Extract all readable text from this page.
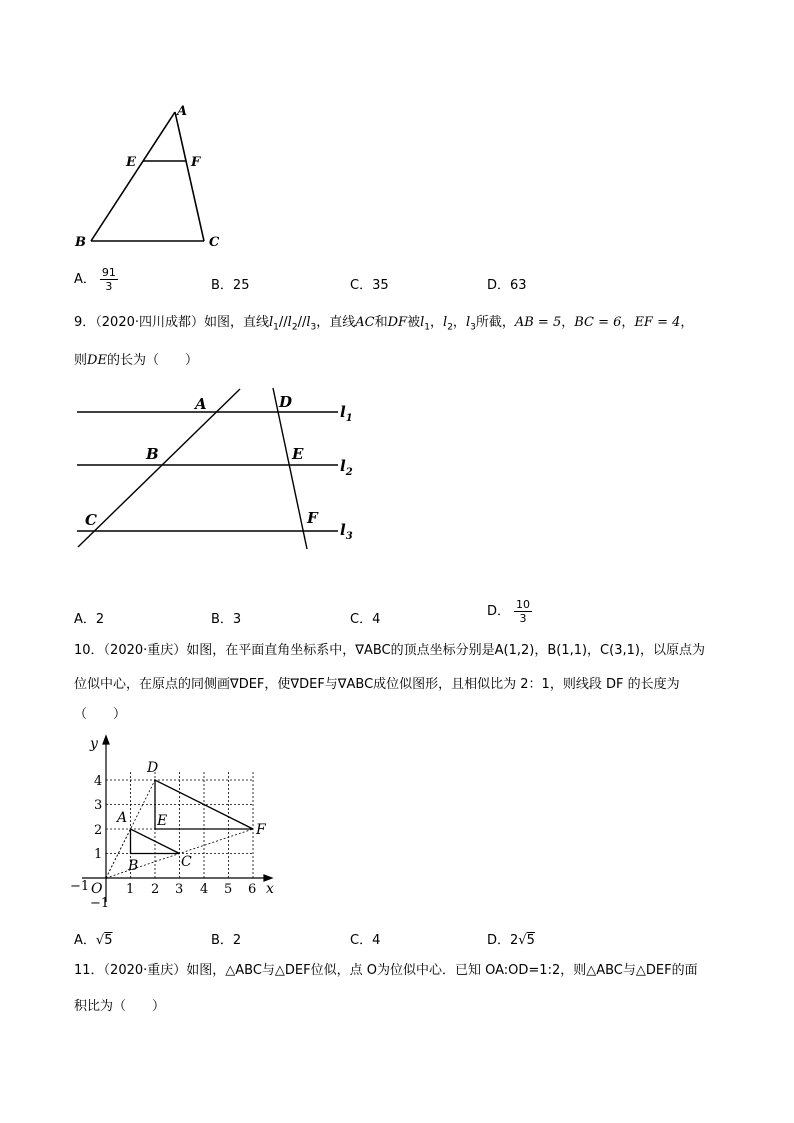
A
E	F
B	C
A． $\frac{91}{3}$	B．25	C．35	D．63
9．（2020·四川成都）如图，直线$l_1//l_2//l_3$，直线AC和DF被$l_1$，$l_2$，$l_3$所截，AB = 5，BC = 6，EF = 4，
则DE的长为（　　）
A	D
B	E
C	F
$l_1$
$l_2$
$l_3$
A．2	B．3	C．4
D． $\frac{10}{3}$
10．（2020·重庆）如图，在平面直角坐标系中，∇ABC的顶点坐标分别是A(1,2)，B(1,1)，C(3,1)，以原点为
位似中心，在原点的同侧画∇DEF，使∇DEF与∇ABC成位似图形，且相似比为 2：1，则线段 DF 的长度为
（　　）
y
x
O
A
B	C
D
E
F
1 2 3 4 5 6
1
2
3
4
−1
−1
A．√5	B．2	C．4	D．2√5
11．（2020·重庆）如图，△ABC与△DEF位似，点 O为位似中心．已知 OA:OD=1:2，则△ABC与△DEF的面
积比为（　　）
